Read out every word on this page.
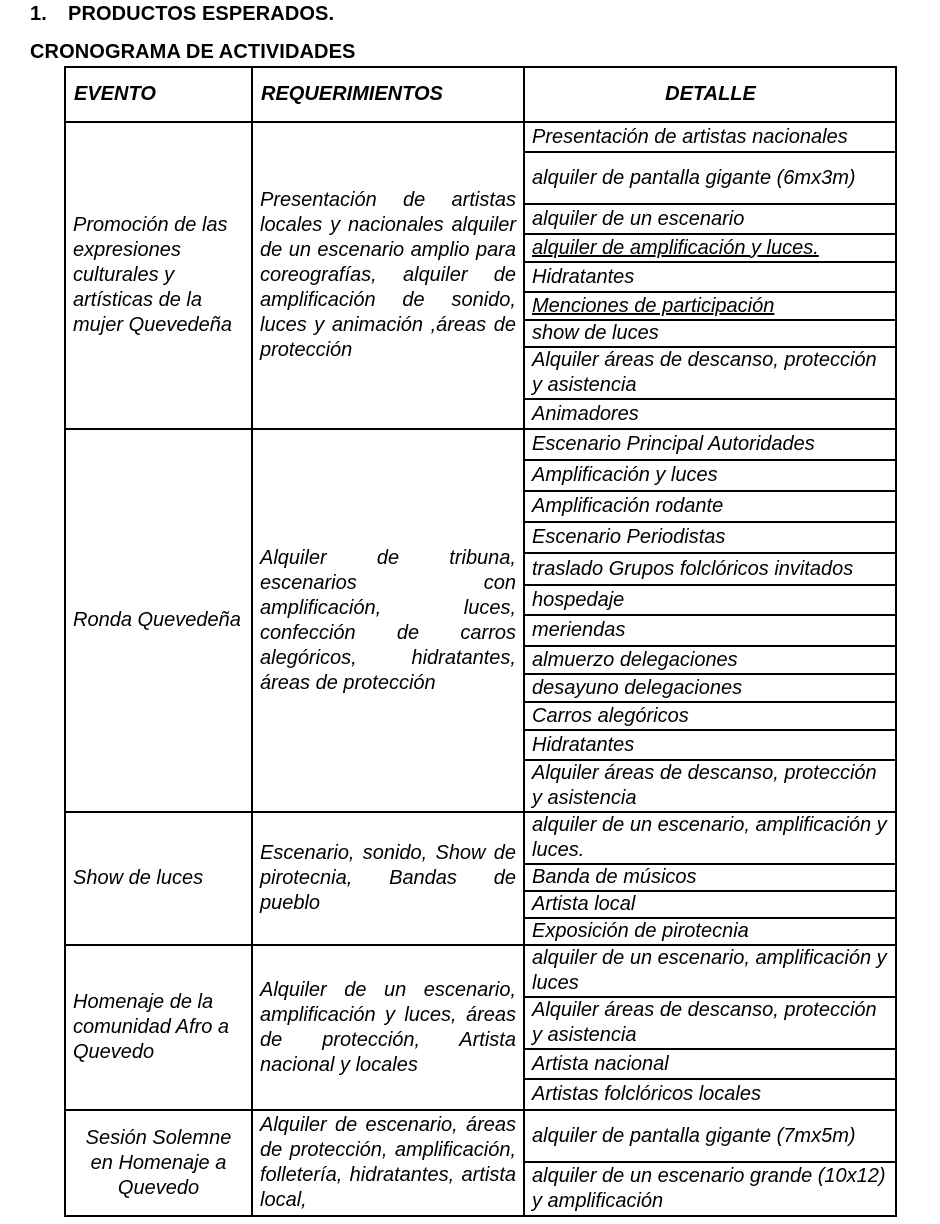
1. PRODUCTOS ESPERADOS.
CRONOGRAMA DE ACTIVIDADES
EVENTO	REQUERIMIENTOS	DETALLE
Promoción de las expresiones culturales y artísticas de la mujer Quevedeña	Presentación de artistas locales y nacionales alquiler de un escenario amplio para coreografías, alquiler de amplificación de sonido, luces y animación ,áreas de protección	Presentación de artistas nacionales
		alquiler de pantalla gigante (6mx3m)
		alquiler de un escenario
		alquiler de amplificación y luces.
		Hidratantes
		Menciones de participación
		show de luces
		Alquiler áreas de descanso, protección y asistencia
		Animadores
Ronda Quevedeña	Alquiler de tribuna, escenarios con amplificación, luces, confección de carros alegóricos, hidratantes, áreas de protección	Escenario Principal Autoridades
		Amplificación y luces
		Amplificación rodante
		Escenario Periodistas
		traslado Grupos folclóricos invitados
		hospedaje
		meriendas
		almuerzo delegaciones
		desayuno delegaciones
		Carros alegóricos
		Hidratantes
		Alquiler áreas de descanso, protección y asistencia
Show de luces	Escenario, sonido, Show de pirotecnia, Bandas de pueblo	alquiler de un escenario, amplificación y luces.
		Banda de músicos
		Artista local
		Exposición de pirotecnia
Homenaje de la comunidad Afro a Quevedo	Alquiler de un escenario, amplificación y luces, áreas de protección, Artista nacional y locales	alquiler de un escenario, amplificación y luces
		Alquiler áreas de descanso, protección y asistencia
		Artista nacional
		Artistas folclóricos locales
Sesión Solemne en Homenaje a Quevedo	Alquiler de escenario, áreas de protección, amplificación, folletería, hidratantes, artista local,	alquiler de pantalla gigante (7mx5m)
		alquiler de un escenario grande (10x12) y amplificación
